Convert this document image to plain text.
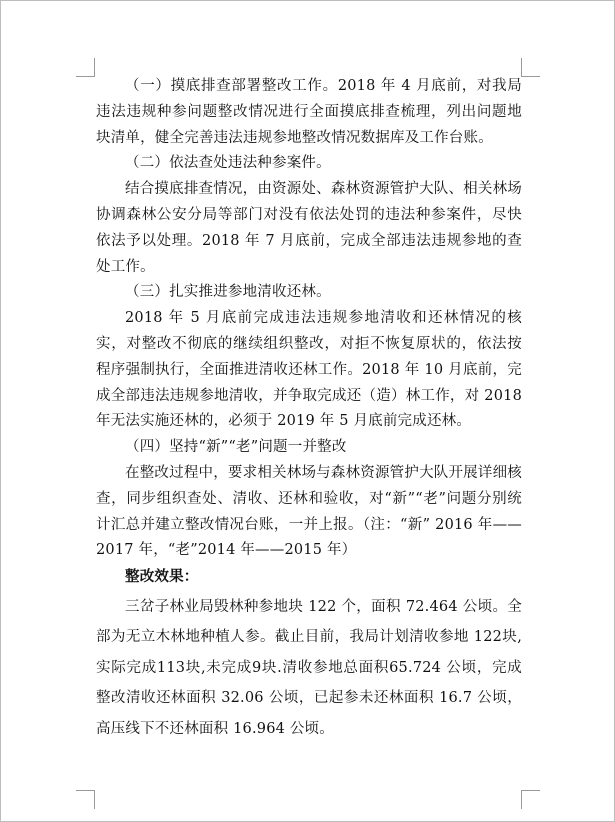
（一）摸底排查部署整改工作。2018 年 4 月底前，对我局违法违规种参问题整改情况进行全面摸底排查梳理，列出问题地块清单，健全完善违法违规参地整改情况数据库及工作台账。

（二）依法查处违法种参案件。

结合摸底排查情况，由资源处、森林资源管护大队、相关林场协调森林公安分局等部门对没有依法处罚的违法种参案件，尽快依法予以处理。2018 年 7 月底前，完成全部违法违规参地的查处工作。

（三）扎实推进参地清收还林。

2018 年 5 月底前完成违法违规参地清收和还林情况的核实，对整改不彻底的继续组织整改，对拒不恢复原状的，依法按程序强制执行，全面推进清收还林工作。2018 年 10 月底前，完成全部违法违规参地清收，并争取完成还（造）林工作，对 2018 年无法实施还林的，必须于 2019 年 5 月底前完成还林。

（四）坚持“新”“老”问题一并整改

在整改过程中，要求相关林场与森林资源管护大队开展详细核查，同步组织查处、清收、还林和验收，对“新”“老”问题分别统计汇总并建立整改情况台账，一并上报。（注：“新” 2016 年——2017 年，“老”2014 年——2015 年）

整改效果：

三岔子林业局毁林种参地块 122 个，面积 72.464 公顷。全部为无立木林地种植人参。截止目前，我局计划清收参地 122块,实际完成113块,未完成9块.清收参地总面积65.724 公顷，完成整改清收还林面积 32.06 公顷，已起参未还林面积 16.7 公顷，高压线下不还林面积 16.964 公顷。
